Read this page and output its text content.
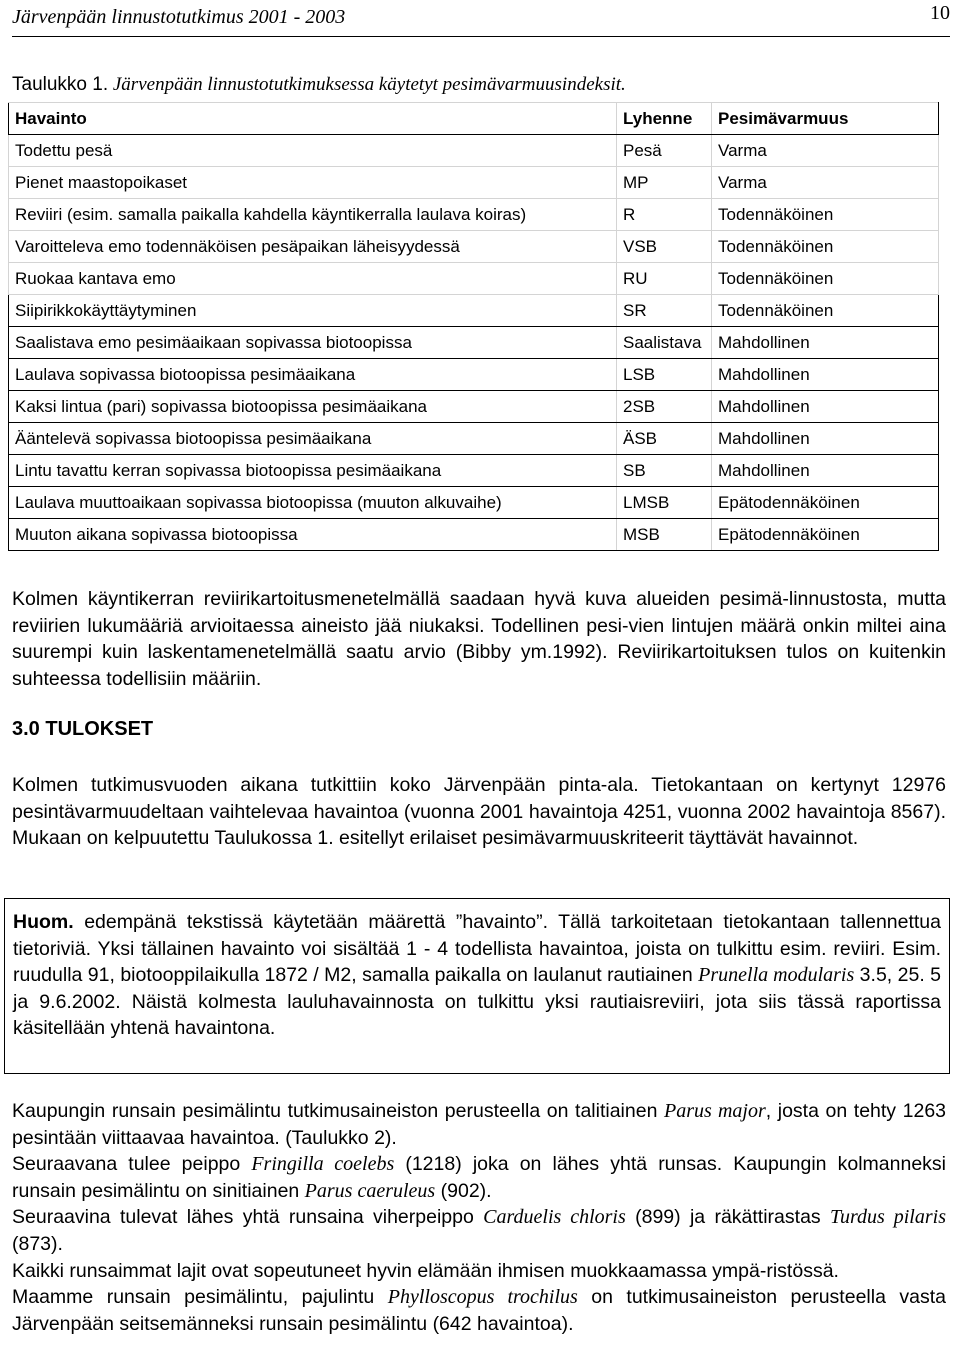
Järvenpään linnustotutkimus 2001 - 2003	10
Taulukko 1. Järvenpään linnustotutkimuksessa käytetyt pesimävarmuusindeksit.
Havainto	Lyhenne	Pesimävarmuus
Todettu pesä	Pesä	Varma
Pienet maastopoikaset	MP	Varma
Reviiri (esim. samalla paikalla kahdella käyntikerralla laulava koiras)	R	Todennäköinen
Varoitteleva emo todennäköisen pesäpaikan läheisyydessä	VSB	Todennäköinen
Ruokaa kantava emo	RU	Todennäköinen
Siipirikkokäyttäytyminen	SR	Todennäköinen
Saalistava emo pesimäaikaan sopivassa biotoopissa	Saalistava	Mahdollinen
Laulava sopivassa biotoopissa pesimäaikana	LSB	Mahdollinen
Kaksi lintua (pari) sopivassa biotoopissa pesimäaikana	2SB	Mahdollinen
Ääntelevä sopivassa biotoopissa pesimäaikana	ÄSB	Mahdollinen
Lintu tavattu kerran sopivassa biotoopissa pesimäaikana	SB	Mahdollinen
Laulava muuttoaikaan sopivassa biotoopissa (muuton alkuvaihe)	LMSB	Epätodennäköinen
Muuton aikana sopivassa biotoopissa	MSB	Epätodennäköinen
Kolmen käyntikerran reviirikartoitusmenetelmällä saadaan hyvä kuva alueiden pesimä-linnustosta, mutta reviirien lukumääriä arvioitaessa aineisto jää niukaksi. Todellinen pesi-vien lintujen määrä onkin miltei aina suurempi kuin laskentamenetelmällä saatu arvio (Bibby ym.1992). Reviirikartoituksen tulos on kuitenkin suhteessa todellisiin määriin.
3.0 TULOKSET
Kolmen tutkimusvuoden aikana tutkittiin koko Järvenpään pinta-ala. Tietokantaan on kertynyt 12976 pesintävarmuudeltaan vaihtelevaa havaintoa (vuonna 2001 havaintoja 4251, vuonna 2002 havaintoja 8567). Mukaan on kelpuutettu Taulukossa 1. esitellyt erilaiset pesimävarmuuskriteerit täyttävät havainnot.
Huom. edempänä tekstissä käytetään määrettä ”havainto”. Tällä tarkoitetaan tietokantaan tallennettua tietoriviä. Yksi tällainen havainto voi sisältää 1 - 4 todellista havaintoa, joista on tulkittu esim. reviiri. Esim. ruudulla 91, biotooppilaikulla 1872 / M2, samalla paikalla on laulanut rautiainen Prunella modularis 3.5, 25. 5 ja 9.6.2002. Näistä kolmesta lauluhavainnosta on tulkittu yksi rautiaisreviiri, jota siis tässä raportissa käsitellään yhtenä havaintona.
Kaupungin runsain pesimälintu tutkimusaineiston perusteella on talitiainen Parus major, josta on tehty 1263 pesintään viittaavaa havaintoa. (Taulukko 2).
Seuraavana tulee peippo Fringilla coelebs (1218) joka on lähes yhtä runsas. Kaupungin kolmanneksi runsain pesimälintu on sinitiainen Parus caeruleus (902).
Seuraavina tulevat lähes yhtä runsaina viherpeippo Carduelis chloris (899) ja räkättirastas Turdus pilaris (873).
Kaikki runsaimmat lajit ovat sopeutuneet hyvin elämään ihmisen muokkaamassa ympä-ristössä.
Maamme runsain pesimälintu, pajulintu Phylloscopus trochilus on tutkimusaineiston perusteella vasta Järvenpään seitsemänneksi runsain pesimälintu (642 havaintoa).
